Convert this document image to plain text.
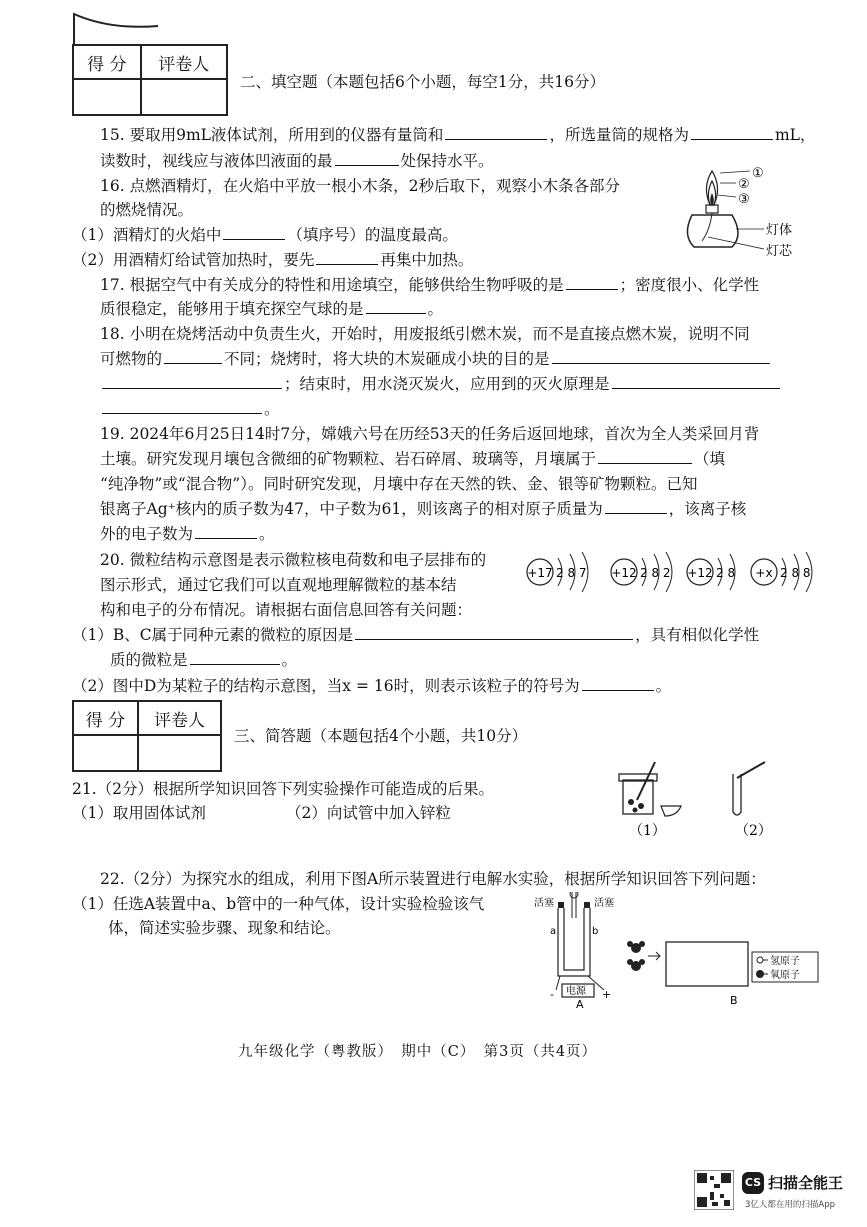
得 分	评卷人

二、填空题（本题包括6个小题，每空1分，共16分）
15. 要取用9mL液体试剂，所用到的仪器有量筒和	，所选量筒的规格为	mL，
读数时，视线应与液体凹液面的最	处保持水平。
16. 点燃酒精灯，在火焰中平放一根小木条，2秒后取下，观察小木条各部分
的燃烧情况。
（1）酒精灯的火焰中	（填序号）的温度最高。
（2）用酒精灯给试管加热时，要先	再集中加热。
①
②
③
灯体
灯芯
17. 根据空气中有关成分的特性和用途填空，能够供给生物呼吸的是	；密度很小、化学性
质很稳定，能够用于填充探空气球的是	。
18. 小明在烧烤活动中负责生火，开始时，用废报纸引燃木炭，而不是直接点燃木炭，说明不同
可燃物的	不同；烧烤时，将大块的木炭砸成小块的目的是
；结束时，用水浇灭炭火，应用到的灭火原理是
。
19. 2024年6月25日14时7分，嫦娥六号在历经53天的任务后返回地球，首次为全人类采回月背
土壤。研究发现月壤包含微细的矿物颗粒、岩石碎屑、玻璃等，月壤属于	（填
“纯净物”或“混合物”）。同时研究发现，月壤中存在天然的铁、金、银等矿物颗粒。已知
银离子Ag⁺核内的质子数为47，中子数为61，则该离子的相对原子质量为	，该离子核
外的电子数为	。
20. 微粒结构示意图是表示微粒核电荷数和电子层排布的
图示形式，通过它我们可以直观地理解微粒的基本结
构和电子的分布情况。请根据右面信息回答有关问题：
+17 2 8 7 +12 2 8 2 +12 2 8 +x 2 8 8
（1）B、C属于同种元素的微粒的原因是	，具有相似化学性
质的微粒是	。
（2）图中D为某粒子的结构示意图，当x = 16时，则表示该粒子的符号为	。
得 分	评卷人

三、简答题（本题包括4个小题，共10分）
21.（2分）根据所学知识回答下列实验操作可能造成的后果。
（1）取用固体试剂	（2）向试管中加入锌粒
（1）	（2）
22.（2分）为探究水的组成，利用下图A所示装置进行电解水实验，根据所学知识回答下列问题：
（1）任选A装置中a、b管中的一种气体，设计实验检验该气
体，简述实验步骤、现象和结论。
活塞	活塞
a	b
电源
-	+
A	B
氢原子
氧原子
九年级化学（粤教版）　期中（C）　第3页（共4页）
CS 扫描全能王
3亿人都在用的扫描App
